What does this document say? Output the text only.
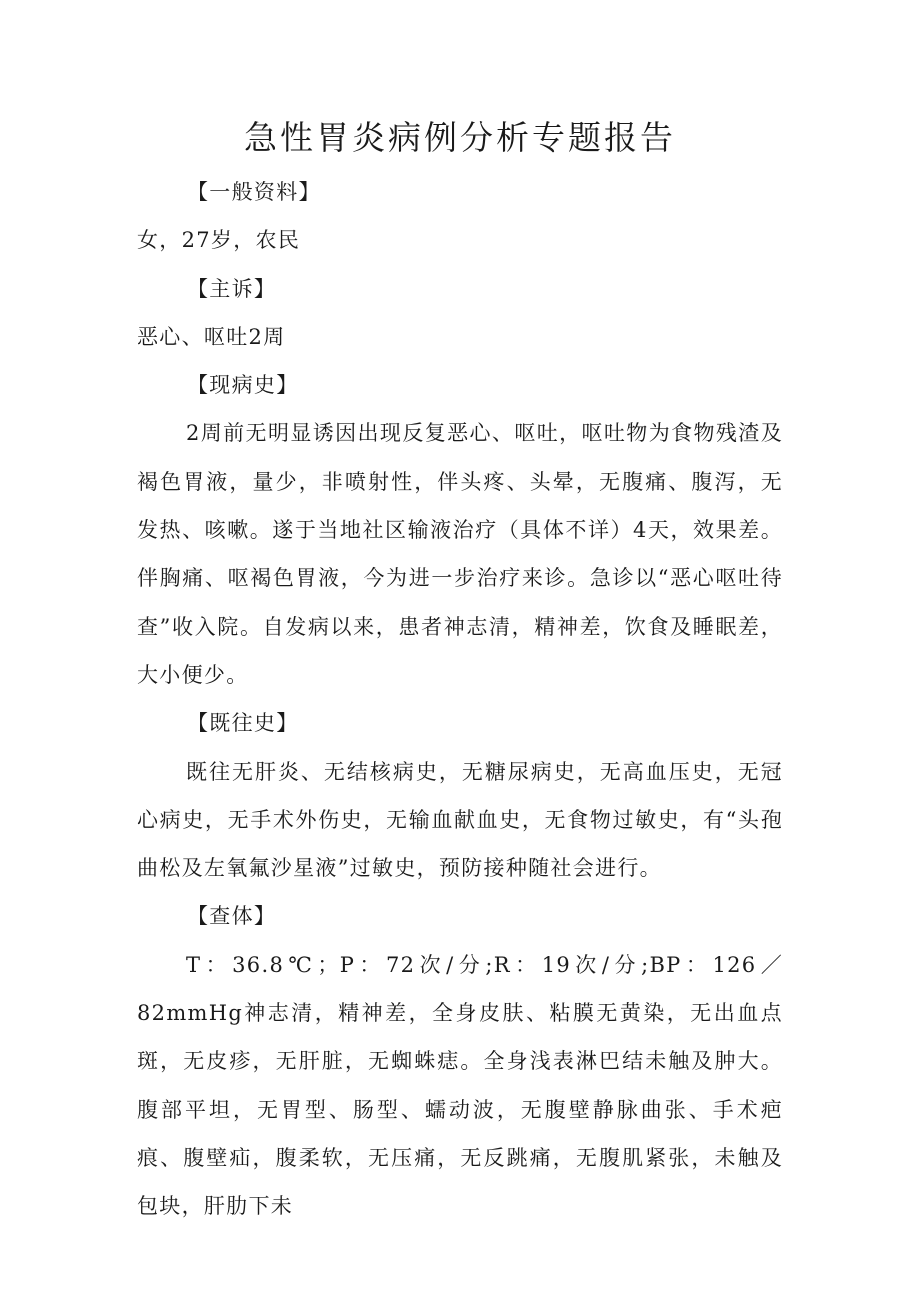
急性胃炎病例分析专题报告
【一般资料】

女，27岁，农民

【主诉】

恶心、呕吐2周

【现病史】

2周前无明显诱因出现反复恶心、呕吐，呕吐物为食物残渣及褐色胃液，量少，非喷射性，伴头疼、头晕，无腹痛、腹泻，无发热、咳嗽。遂于当地社区输液治疗（具体不详）4天，效果差。伴胸痛、呕褐色胃液，今为进一步治疗来诊。急诊以“恶心呕吐待查”收入院。自发病以来，患者神志清，精神差，饮食及睡眠差，大小便少。

【既往史】

既往无肝炎、无结核病史，无糖尿病史，无高血压史，无冠心病史，无手术外伤史，无输血献血史，无食物过敏史，有“头孢曲松及左氧氟沙星液”过敏史，预防接种随社会进行。

【查体】

T：36.8℃；P：72次/分;R：19次/分;BP：126／82mmHg神志清，精神差，全身皮肤、粘膜无黄染，无出血点斑，无皮疹，无肝脏，无蜘蛛痣。全身浅表淋巴结未触及肿大。腹部平坦，无胃型、肠型、蠕动波，无腹壁静脉曲张、手术疤痕、腹壁疝，腹柔软，无压痛，无反跳痛，无腹肌紧张，未触及包块，肝肋下未
